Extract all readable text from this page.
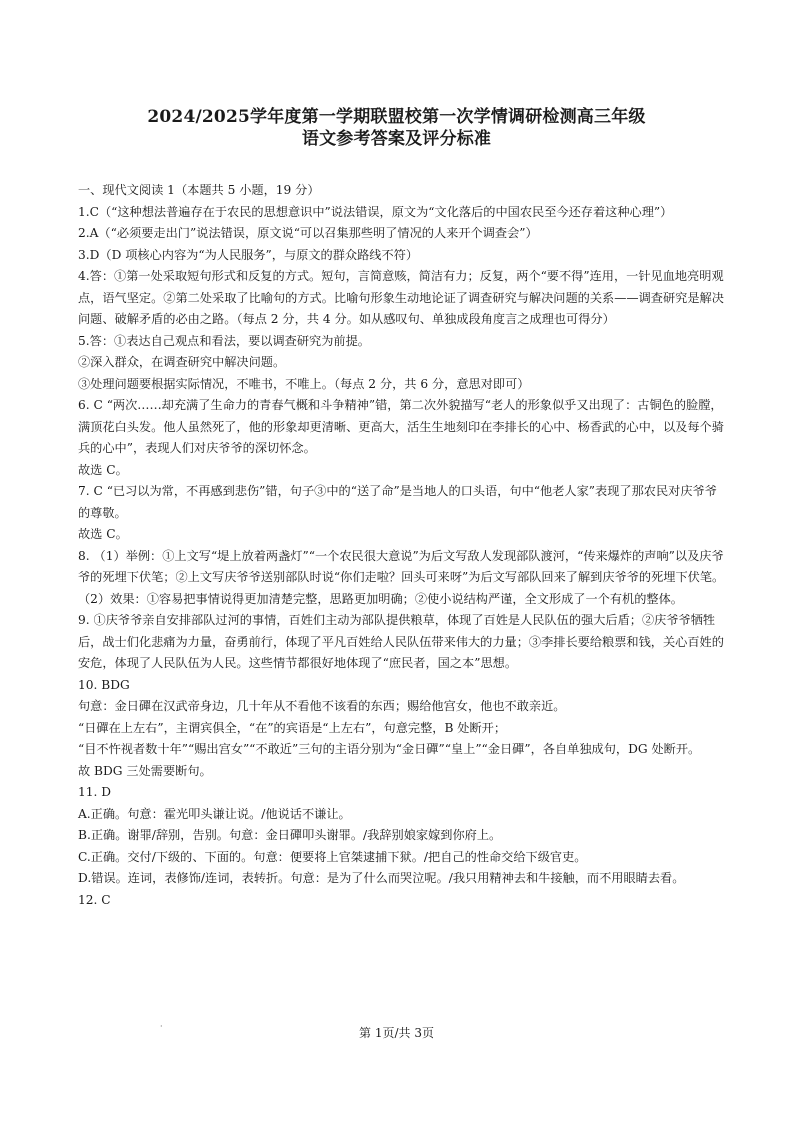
2024/2025学年度第一学期联盟校第一次学情调研检测高三年级
语文参考答案及评分标准

一、现代文阅读 1（本题共 5 小题，19 分）

1.C（“这种想法普遍存在于农民的思想意识中”说法错误，原文为“文化落后的中国农民至今还存着这种心理”）

2.A（“必须要走出门”说法错误，原文说“可以召集那些明了情况的人来开个调查会”）

3.D（D 项核心内容为“为人民服务”，与原文的群众路线不符）

4.答：①第一处采取短句形式和反复的方式。短句，言简意赅，简洁有力；反复，两个“要不得”连用，一针见血地亮明观点，语气坚定。②第二处采取了比喻句的方式。比喻句形象生动地论证了调查研究与解决问题的关系——调查研究是解决问题、破解矛盾的必由之路。（每点 2 分，共 4 分。如从感叹句、单独成段角度言之成理也可得分）

5.答：①表达自己观点和看法，要以调查研究为前提。

②深入群众，在调查研究中解决问题。

③处理问题要根据实际情况，不唯书，不唯上。（每点 2 分，共 6 分，意思对即可）

6. C “两次……却充满了生命力的青春气概和斗争精神”错，第二次外貌描写“老人的形象似乎又出现了：古铜色的脸膛，满顶花白头发。他人虽然死了，他的形象却更清晰、更高大，活生生地刻印在李排长的心中、杨香武的心中，以及每个骑兵的心中”，表现人们对庆爷爷的深切怀念。

故选 C。

7. C “已习以为常，不再感到悲伤”错，句子③中的“送了命”是当地人的口头语，句中“他老人家”表现了那农民对庆爷爷的尊敬。

故选 C。

8. （1）举例：①上文写“堤上放着两盏灯”“一个农民很大意说”为后文写敌人发现部队渡河，“传来爆炸的声响”以及庆爷爷的死埋下伏笔；②上文写庆爷爷送别部队时说“你们走啦？回头可来呀”为后文写部队回来了解到庆爷爷的死埋下伏笔。（2）效果：①容易把事情说得更加清楚完整，思路更加明确；②使小说结构严谨，全文形成了一个有机的整体。

9. ①庆爷爷亲自安排部队过河的事情，百姓们主动为部队提供粮草，体现了百姓是人民队伍的强大后盾；②庆爷爷牺牲后，战士们化悲痛为力量，奋勇前行，体现了平凡百姓给人民队伍带来伟大的力量；③李排长要给粮票和钱，关心百姓的安危，体现了人民队伍为人民。这些情节都很好地体现了“庶民者，国之本”思想。

10. BDG

句意：金日磾在汉武帝身边，几十年从不看他不该看的东西；赐给他宫女，他也不敢亲近。

“日磾在上左右”，主谓宾俱全，“在”的宾语是“上左右”，句意完整，B 处断开；

“目不忤视者数十年”“赐出宫女”“不敢近”三句的主语分别为“金日磾”“皇上”“金日磾”，各自单独成句，DG 处断开。

故 BDG 三处需要断句。

11. D

A.正确。句意：霍光叩头谦让说。/他说话不谦让。

B.正确。谢罪/辞别，告别。句意：金日磾叩头谢罪。/我辞别娘家嫁到你府上。

C.正确。交付/下级的、下面的。句意：便要将上官桀逮捕下狱。/把自己的性命交给下级官吏。

D.错误。连词，表修饰/连词，表转折。句意：是为了什么而哭泣呢。/我只用精神去和牛接触，而不用眼睛去看。

12. C

·	第 1页/共 3页
